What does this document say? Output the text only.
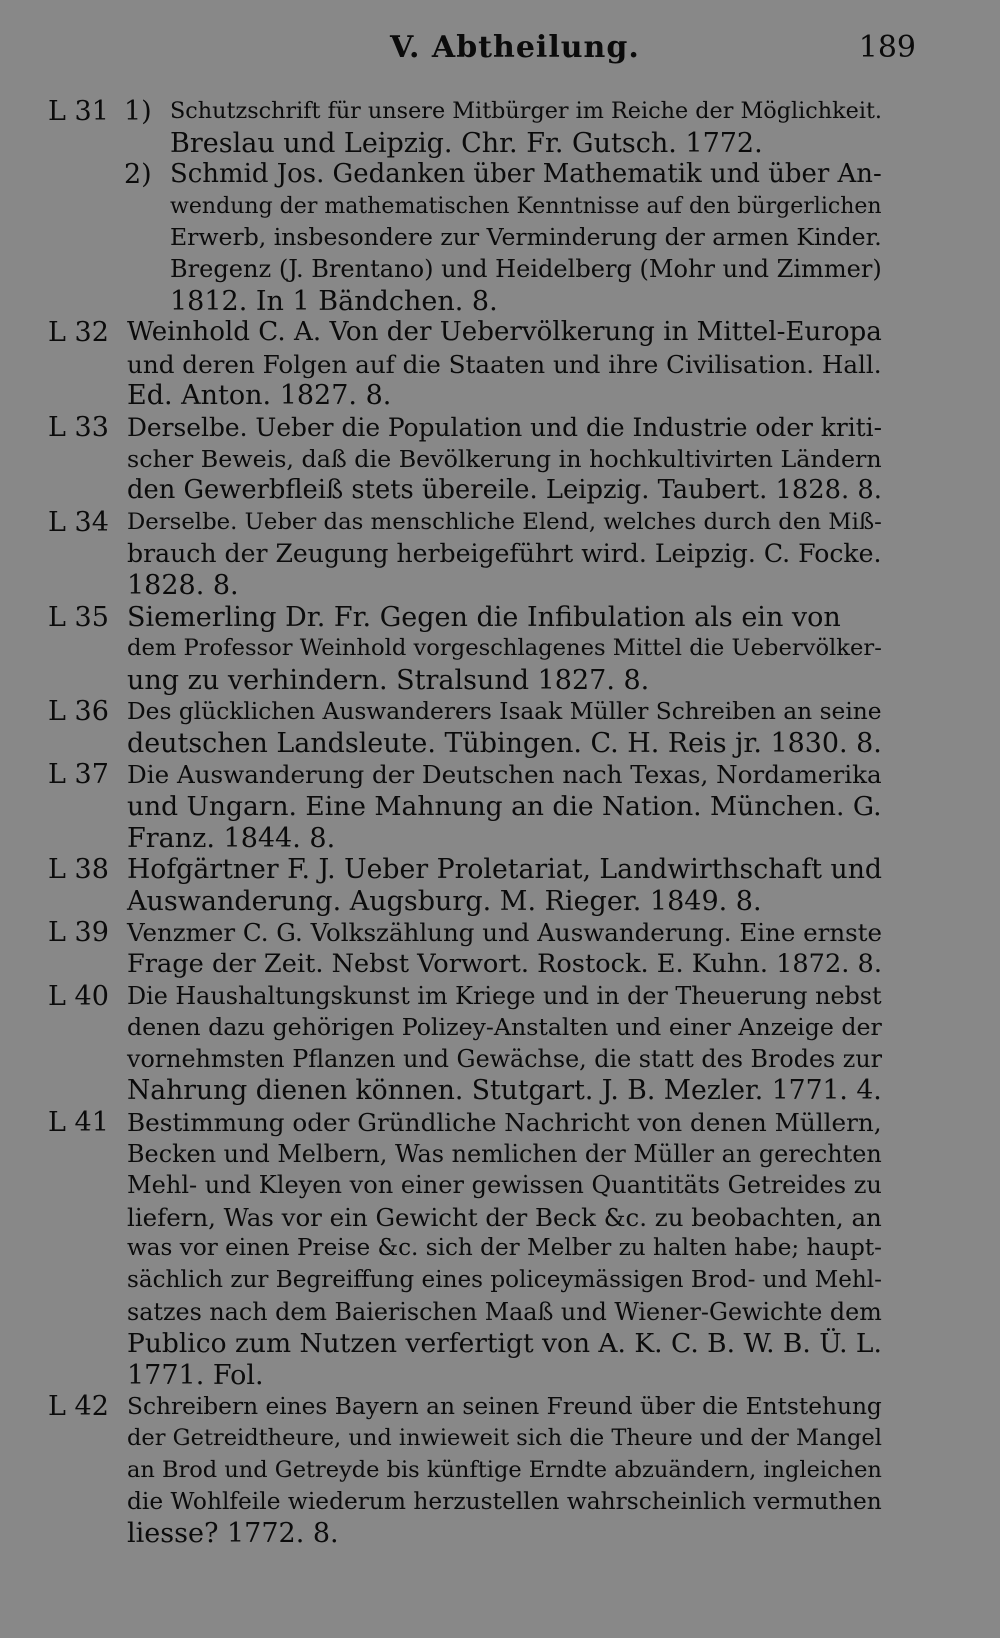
V. Abtheilung.	189
L 31 1) Schutzschrift für unsere Mitbürger im Reiche der Möglichkeit.
Breslau und Leipzig. Chr. Fr. Gutsch. 1772.
2) Schmid Jos. Gedanken über Mathematik und über An-
wendung der mathematischen Kenntnisse auf den bürgerlichen
Erwerb, insbesondere zur Verminderung der armen Kinder.
Bregenz (J. Brentano) und Heidelberg (Mohr und Zimmer)
1812. In 1 Bändchen. 8.
L 32 Weinhold C. A. Von der Uebervölkerung in Mittel-Europa
und deren Folgen auf die Staaten und ihre Civilisation. Hall.
Ed. Anton. 1827. 8.
L 33 Derselbe. Ueber die Population und die Industrie oder kriti-
scher Beweis, daß die Bevölkerung in hochkultivirten Ländern
den Gewerbfleiß stets übereile. Leipzig. Taubert. 1828. 8.
L 34 Derselbe. Ueber das menschliche Elend, welches durch den Miß-
brauch der Zeugung herbeigeführt wird. Leipzig. C. Focke.
1828. 8.
L 35 Siemerling Dr. Fr. Gegen die Infibulation als ein von
dem Professor Weinhold vorgeschlagenes Mittel die Uebervölker-
ung zu verhindern. Stralsund 1827. 8.
L 36 Des glücklichen Auswanderers Isaak Müller Schreiben an seine
deutschen Landsleute. Tübingen. C. H. Reis jr. 1830. 8.
L 37 Die Auswanderung der Deutschen nach Texas, Nordamerika
und Ungarn. Eine Mahnung an die Nation. München. G.
Franz. 1844. 8.
L 38 Hofgärtner F. J. Ueber Proletariat, Landwirthschaft und
Auswanderung. Augsburg. M. Rieger. 1849. 8.
L 39 Venzmer C. G. Volkszählung und Auswanderung. Eine ernste
Frage der Zeit. Nebst Vorwort. Rostock. E. Kuhn. 1872. 8.
L 40 Die Haushaltungskunst im Kriege und in der Theuerung nebst
denen dazu gehörigen Polizey-Anstalten und einer Anzeige der
vornehmsten Pflanzen und Gewächse, die statt des Brodes zur
Nahrung dienen können. Stutgart. J. B. Mezler. 1771. 4.
L 41 Bestimmung oder Gründliche Nachricht von denen Müllern,
Becken und Melbern, Was nemlichen der Müller an gerechten
Mehl- und Kleyen von einer gewissen Quantitäts Getreides zu
liefern, Was vor ein Gewicht der Beck &c. zu beobachten, an
was vor einen Preise &c. sich der Melber zu halten habe; haupt-
sächlich zur Begreiffung eines policeymässigen Brod- und Mehl-
satzes nach dem Baierischen Maaß und Wiener-Gewichte dem
Publico zum Nutzen verfertigt von A. K. C. B. W. B. Ü. L.
1771. Fol.
L 42 Schreibern eines Bayern an seinen Freund über die Entstehung
der Getreidtheure, und inwieweit sich die Theure und der Mangel
an Brod und Getreyde bis künftige Erndte abzuändern, ingleichen
die Wohlfeile wiederum herzustellen wahrscheinlich vermuthen
liesse? 1772. 8.
